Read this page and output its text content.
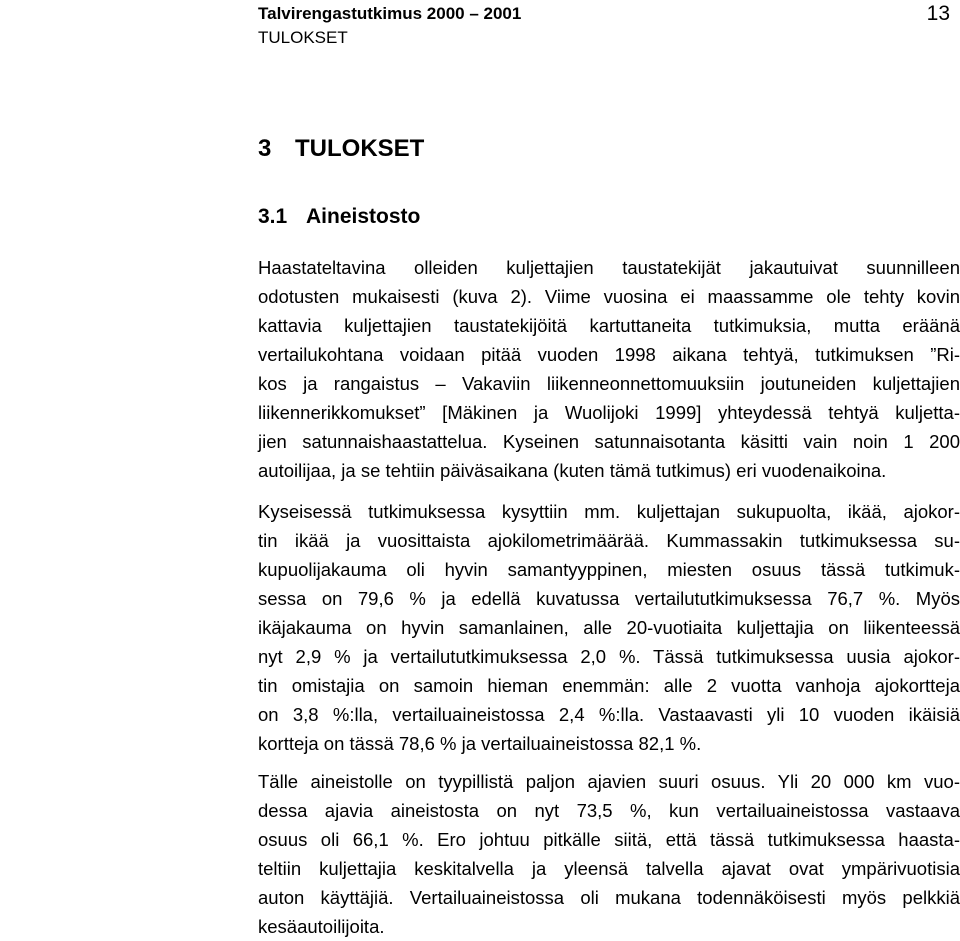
Talvirengastutkimus 2000 – 2001
TULOKSET
13
3 TULOKSET
3.1 Aineistosto
Haastateltavina olleiden kuljettajien taustatekijät jakautuivat suunnilleen
odotusten mukaisesti (kuva 2). Viime vuosina ei maassamme ole tehty kovin
kattavia kuljettajien taustatekijöitä kartuttaneita tutkimuksia, mutta eräänä
vertailukohtana voidaan pitää vuoden 1998 aikana tehtyä, tutkimuksen ”Ri-
kos ja rangaistus – Vakaviin liikenneonnettomuuksiin joutuneiden kuljettajien
liikennerikkomukset” [Mäkinen ja Wuolijoki 1999] yhteydessä tehtyä kuljetta-
jien satunnaishaastattelua. Kyseinen satunnaisotanta käsitti vain noin 1 200
autoilijaa, ja se tehtiin päiväsaikana (kuten tämä tutkimus) eri vuodenaikoina.
Kyseisessä tutkimuksessa kysyttiin mm. kuljettajan sukupuolta, ikää, ajokor-
tin ikää ja vuosittaista ajokilometrimäärää. Kummassakin tutkimuksessa su-
kupuolijakauma oli hyvin samantyyppinen, miesten osuus tässä tutkimuk-
sessa on 79,6 % ja edellä kuvatussa vertailututkimuksessa 76,7 %. Myös
ikäjakauma on hyvin samanlainen, alle 20-vuotiaita kuljettajia on liikenteessä
nyt 2,9 % ja vertailututkimuksessa 2,0 %. Tässä tutkimuksessa uusia ajokor-
tin omistajia on samoin hieman enemmän: alle 2 vuotta vanhoja ajokortteja
on 3,8 %:lla, vertailuaineistossa 2,4 %:lla. Vastaavasti yli 10 vuoden ikäisiä
kortteja on tässä 78,6 % ja vertailuaineistossa 82,1 %.
Tälle aineistolle on tyypillistä paljon ajavien suuri osuus. Yli 20 000 km vuo-
dessa ajavia aineistosta on nyt 73,5 %, kun vertailuaineistossa vastaava
osuus oli 66,1 %. Ero johtuu pitkälle siitä, että tässä tutkimuksessa haasta-
teltiin kuljettajia keskitalvella ja yleensä talvella ajavat ovat ympärivuotisia
auton käyttäjiä. Vertailuaineistossa oli mukana todennäköisesti myös pelkkiä
kesäautoilijoita.
